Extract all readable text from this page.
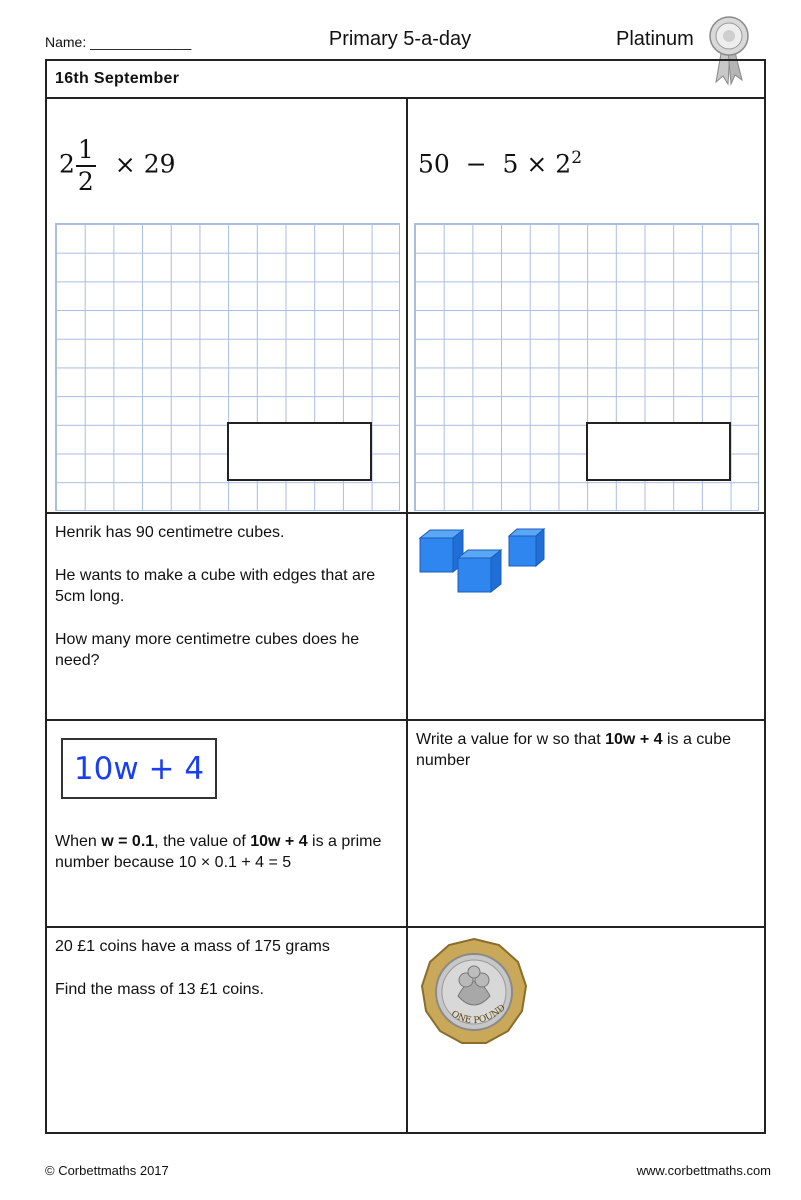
Name: _____________	Primary 5-a-day	Platinum
16th September
$2 \frac{1}{2} \times 29$	$50 - 5 \times 2^2$

Henrik has 90 centimetre cubes.

He wants to make a cube with edges that are 5cm long.

How many more centimetre cubes does he need?

10w + 4
When w = 0.1, the value of 10w + 4 is a prime number because 10 × 0.1 + 4 = 5
Write a value for w so that 10w + 4 is a cube number

20 £1 coins have a mass of 175 grams

Find the mass of 13 £1 coins.

ONE POUND
© Corbettmaths 2017	www.corbettmaths.com
